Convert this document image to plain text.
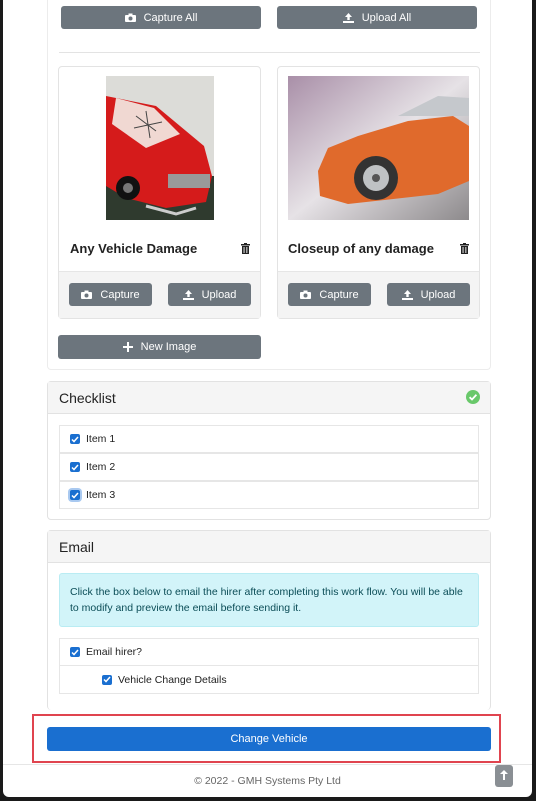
Capture All	Upload All
Any Vehicle Damage
Capture	Upload
Closeup of any damage
Capture	Upload
New Image
Checklist
Item 1
Item 2
Item 3
Email
Click the box below to email the hirer after completing this work flow. You will be able to modify and preview the email before sending it.
Email hirer?
Vehicle Change Details
Change Vehicle
© 2022 - GMH Systems Pty Ltd
